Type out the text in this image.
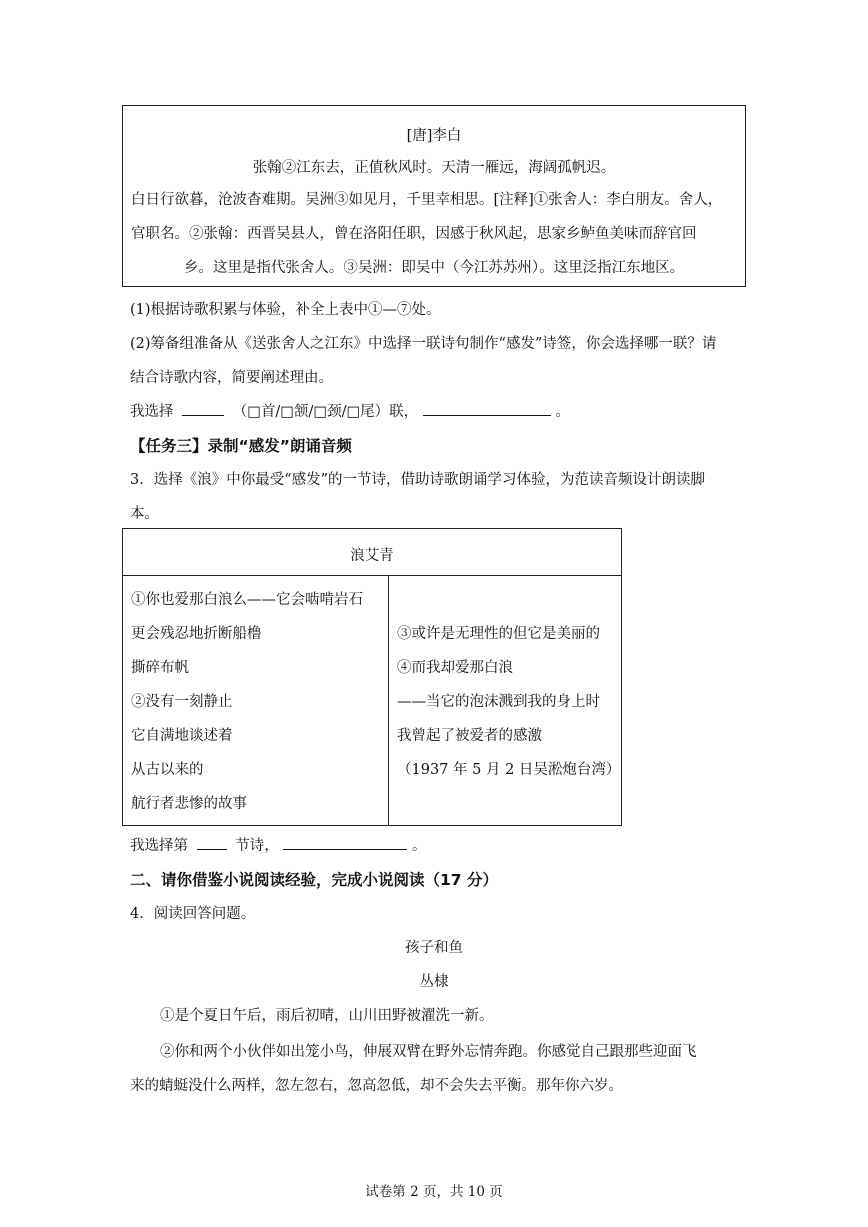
[唐]李白
张翰②江东去，正值秋风时。天清一雁远，海阔孤帆迟。
白日行欲暮，沧波杳难期。吴洲③如见月，千里幸相思。[注释]①张舍人：李白朋友。舍人，
官职名。②张翰：西晋吴县人，曾在洛阳任职，因感于秋风起，思家乡鲈鱼美味而辞官回
乡。这里是指代张舍人。③吴洲：即吴中（今江苏苏州）。这里泛指江东地区。
(1)根据诗歌积累与体验，补全上表中①—⑦处。
(2)筹备组准备从《送张舍人之江东》中选择一联诗句制作“感发”诗签，你会选择哪一联？请
结合诗歌内容，简要阐述理由。
我选择	（□首/□颔/□颈/□尾）联，	。
【任务三】录制“感发”朗诵音频
3．选择《浪》中你最受“感发”的一节诗，借助诗歌朗诵学习体验，为范读音频设计朗读脚
本。
浪艾青
①你也爱那白浪么——它会啮啃岩石
更会残忍地折断船橹
撕碎布帆
②没有一刻静止
它自满地谈述着
从古以来的
航行者悲惨的故事
③或许是无理性的但它是美丽的
④而我却爱那白浪
——当它的泡沫溅到我的身上时
我曾起了被爱者的感激
（1937 年 5 月 2 日吴淞炮台湾）
我选择第	节诗，	。
二、请你借鉴小说阅读经验，完成小说阅读（17 分）
4．阅读回答问题。
孩子和鱼
丛棣
①是个夏日午后，雨后初晴，山川田野被濯洗一新。
②你和两个小伙伴如出笼小鸟，伸展双臂在野外忘情奔跑。你感觉自己跟那些迎面飞
来的蜻蜓没什么两样，忽左忽右，忽高忽低，却不会失去平衡。那年你六岁。
试卷第 2 页，共 10 页
